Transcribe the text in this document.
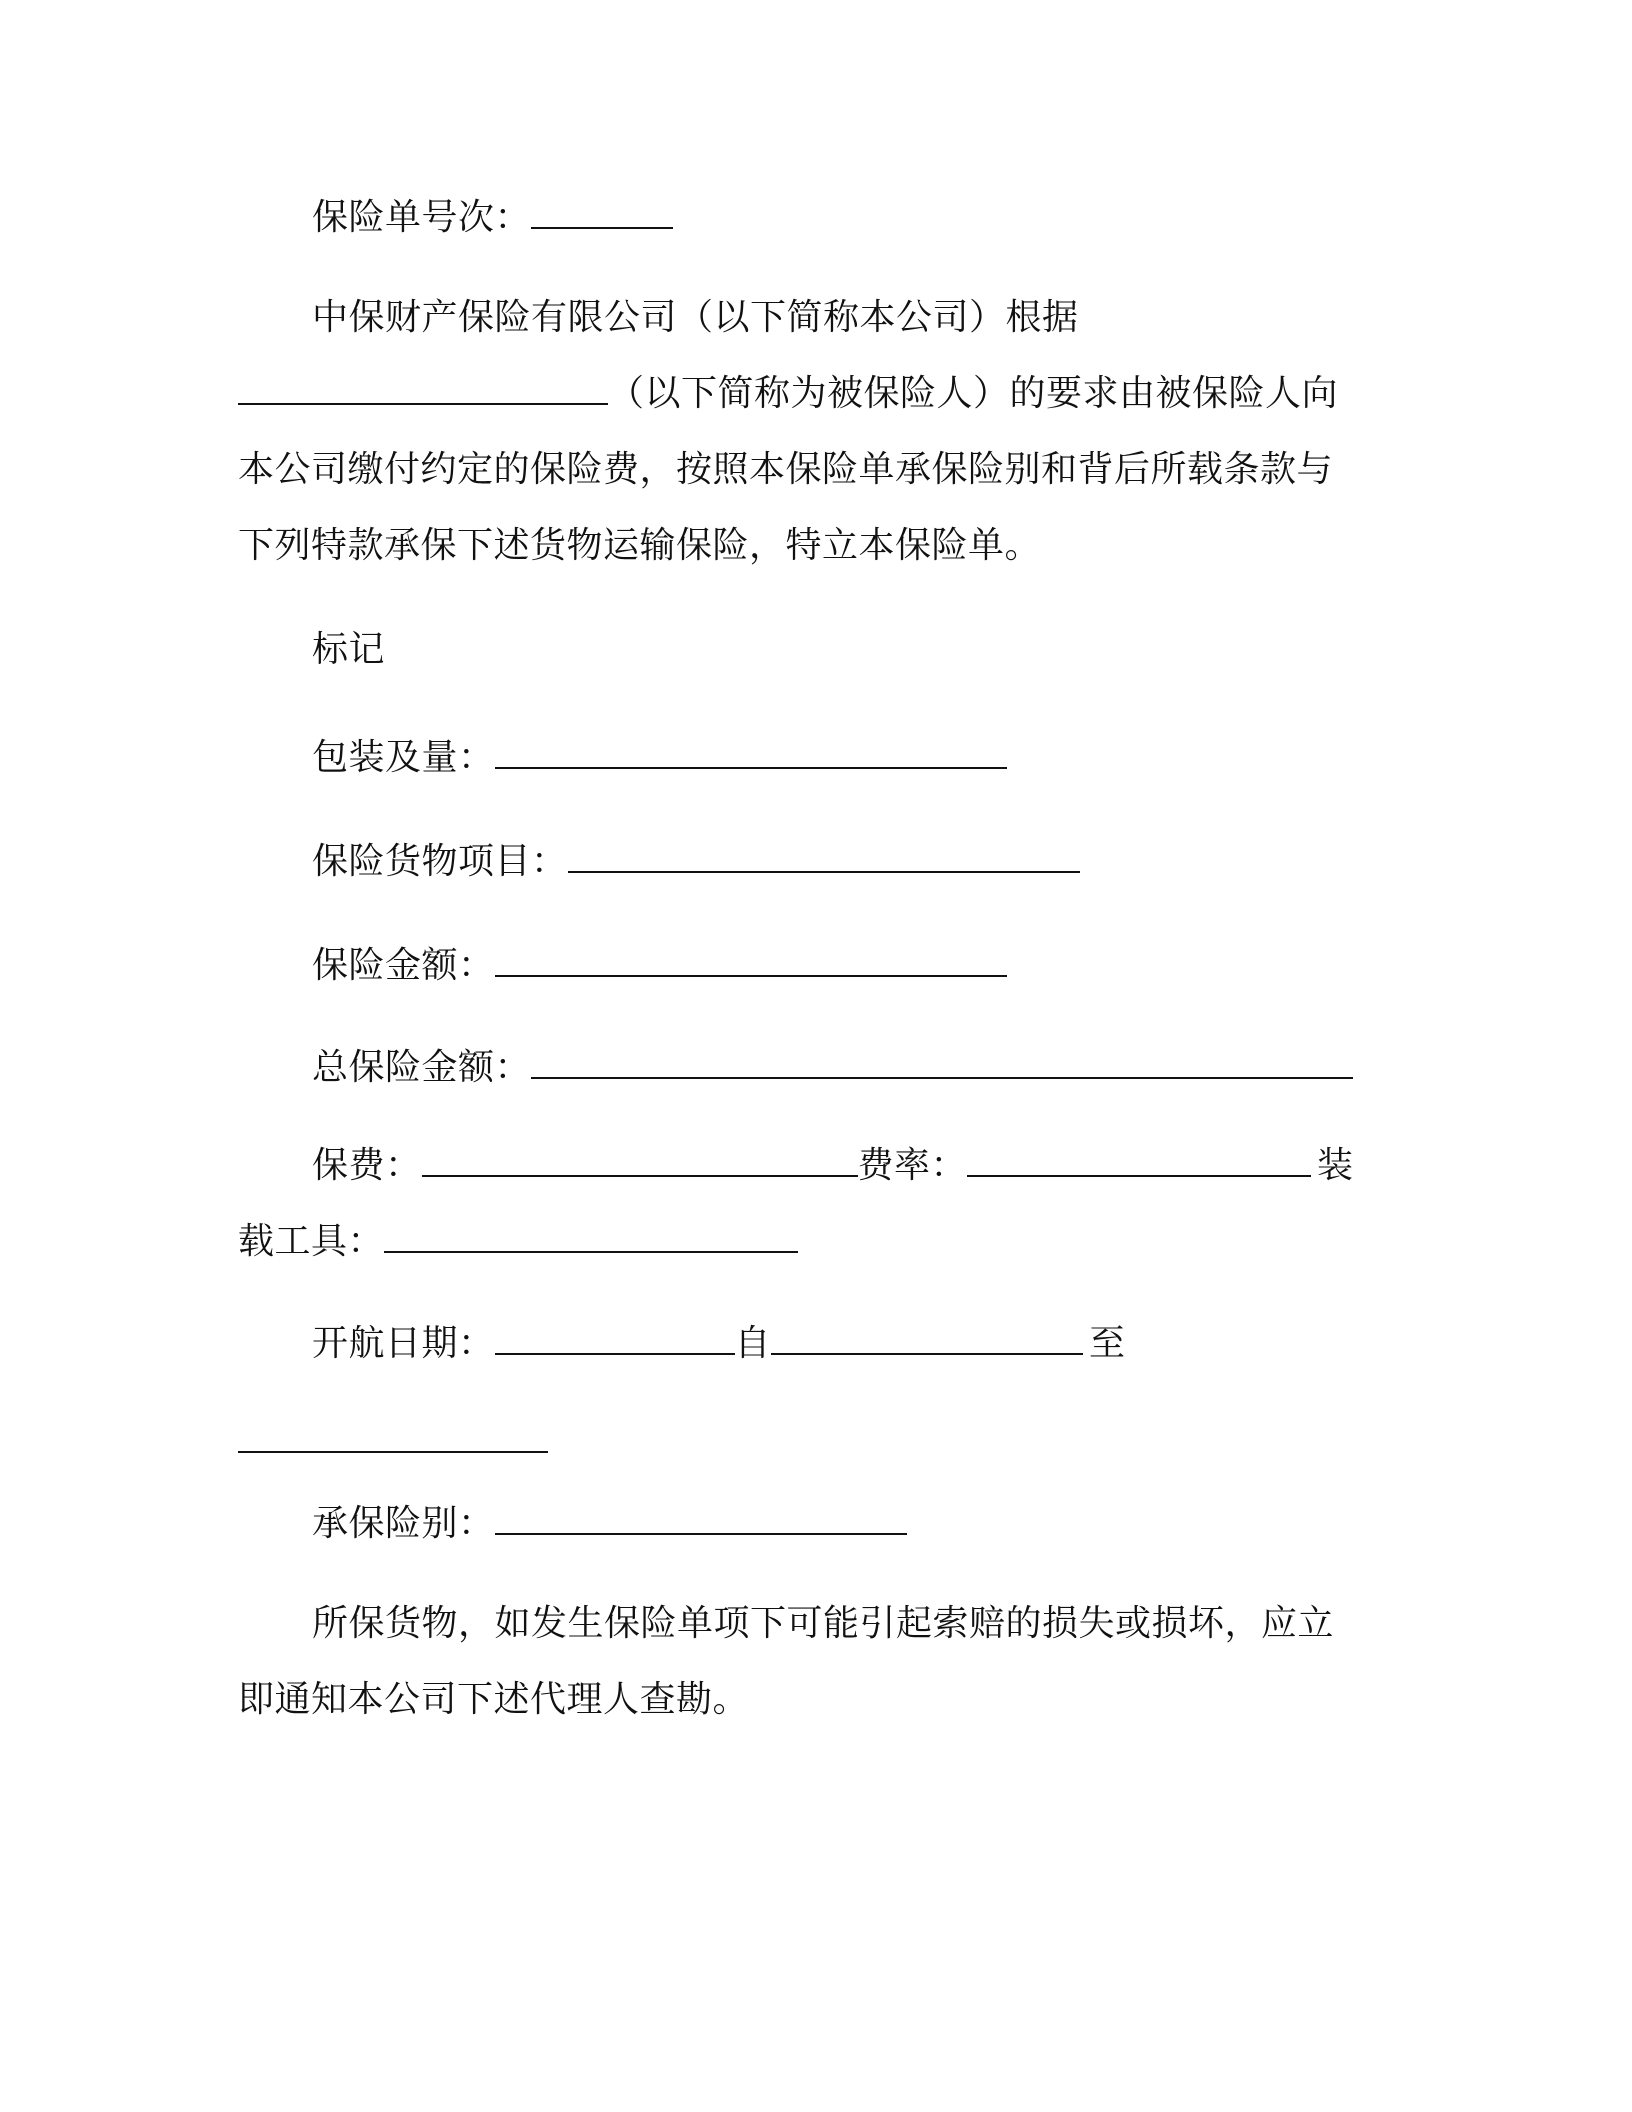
保险单号次：
中保财产保险有限公司（以下简称本公司）根据
（以下简称为被保险人）的要求由被保险人向
本公司缴付约定的保险费，按照本保险单承保险别和背后所载条款与
下列特款承保下述货物运输保险，特立本保险单。
标记
包装及量：
保险货物项目：
保险金额：
总保险金额：
保费：	费率：	装
载工具：
开航日期：	自	至
承保险别：
所保货物，如发生保险单项下可能引起索赔的损失或损坏，应立
即通知本公司下述代理人查勘。
